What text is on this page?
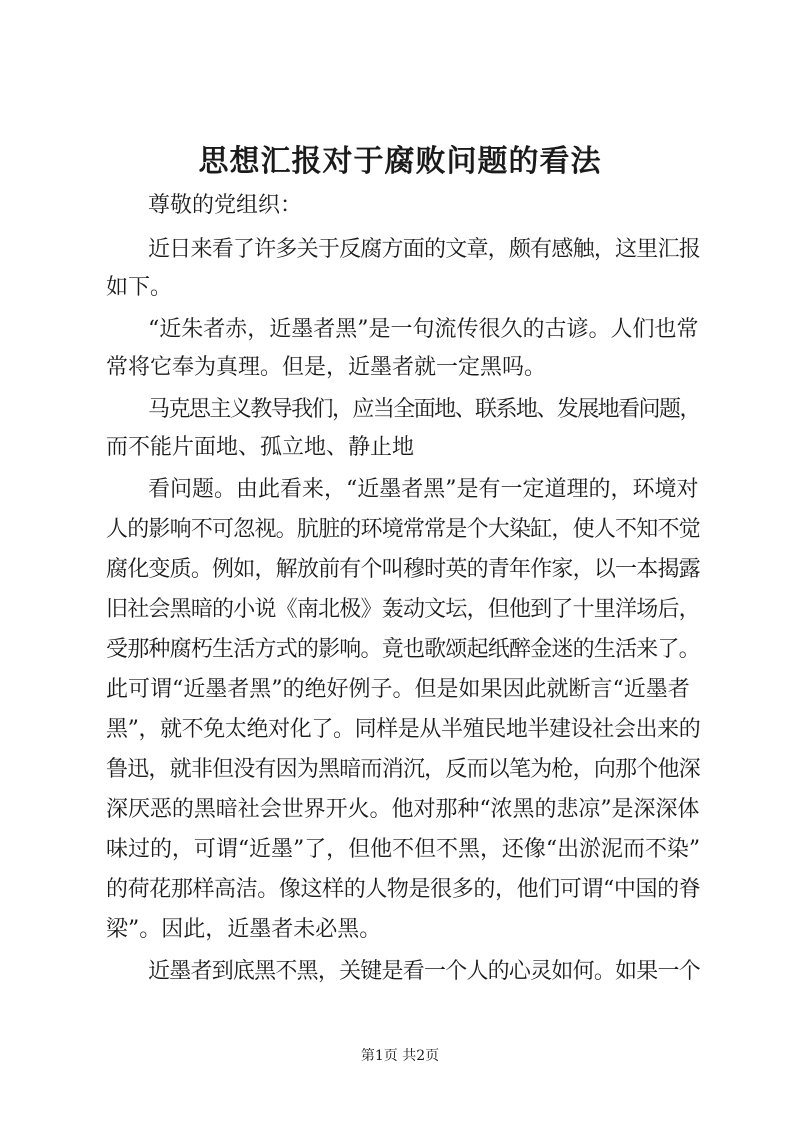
思想汇报对于腐败问题的看法
尊敬的党组织：
近日来看了许多关于反腐方面的文章，颇有感触，这里汇报
如下。
“近朱者赤，近墨者黑”是一句流传很久的古谚。人们也常
常将它奉为真理。但是，近墨者就一定黑吗。
马克思主义教导我们，应当全面地、联系地、发展地看问题，
而不能片面地、孤立地、静止地
看问题。由此看来，“近墨者黑”是有一定道理的，环境对
人的影响不可忽视。肮脏的环境常常是个大染缸，使人不知不觉
腐化变质。例如，解放前有个叫穆时英的青年作家，以一本揭露
旧社会黑暗的小说《南北极》轰动文坛，但他到了十里洋场后，
受那种腐朽生活方式的影响。竟也歌颂起纸醉金迷的生活来了。
此可谓“近墨者黑”的绝好例子。但是如果因此就断言“近墨者
黑”，就不免太绝对化了。同样是从半殖民地半建设社会出来的
鲁迅，就非但没有因为黑暗而消沉，反而以笔为枪，向那个他深
深厌恶的黑暗社会世界开火。他对那种“浓黑的悲凉”是深深体
味过的，可谓“近墨”了，但他不但不黑，还像“出淤泥而不染”
的荷花那样高洁。像这样的人物是很多的，他们可谓“中国的脊
梁”。因此，近墨者未必黑。
近墨者到底黑不黑，关键是看一个人的心灵如何。如果一个
第1页 共2页
